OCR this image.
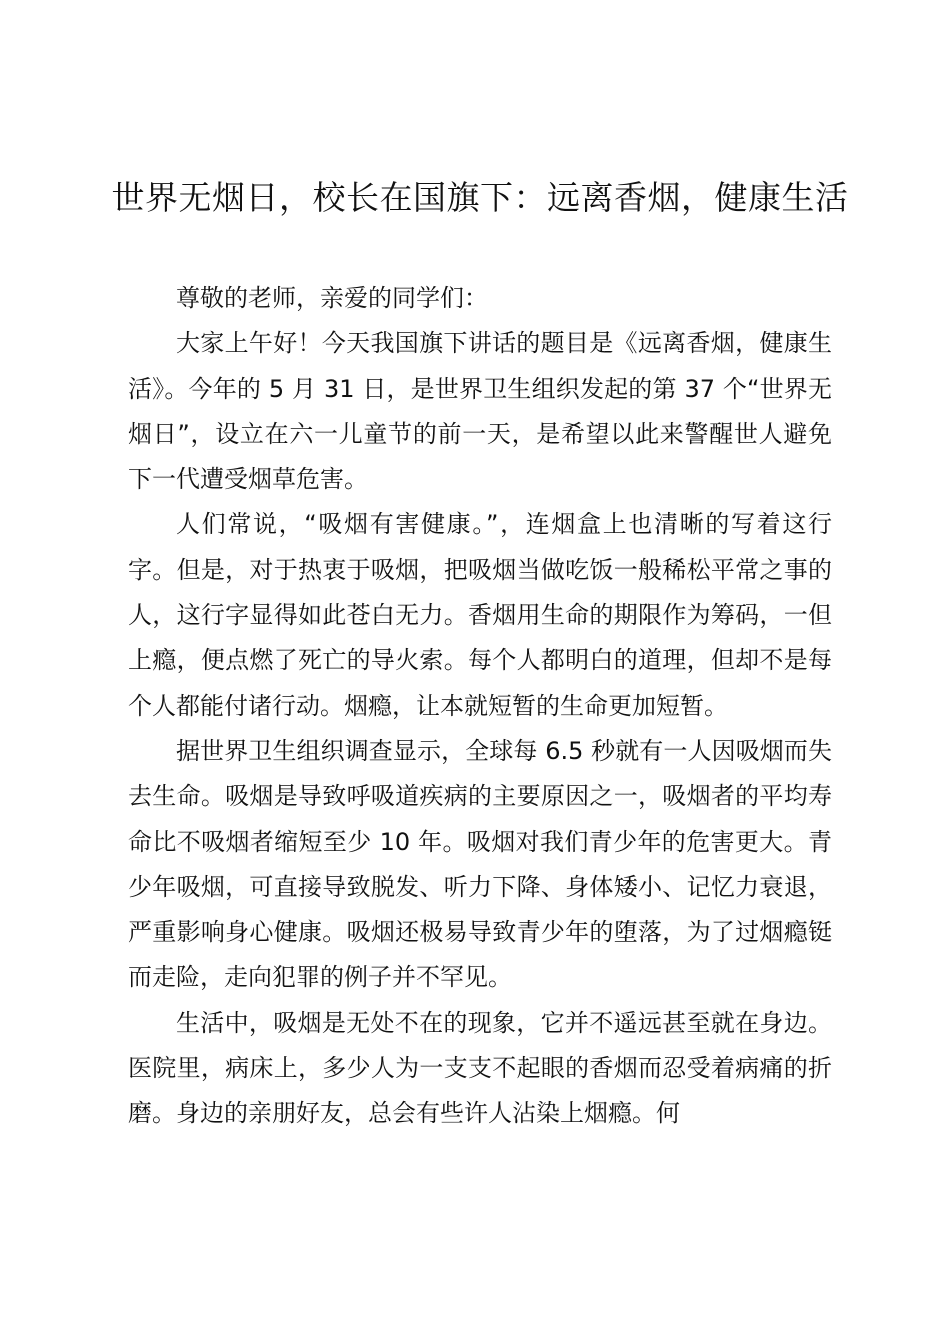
世界无烟日，校长在国旗下：远离香烟，健康生活

尊敬的老师，亲爱的同学们：

大家上午好！今天我国旗下讲话的题目是《远离香烟，健康生活》。今年的 5 月 31 日，是世界卫生组织发起的第 37 个“世界无烟日”，设立在六一儿童节的前一天，是希望以此来警醒世人避免下一代遭受烟草危害。

人们常说，“吸烟有害健康。”，连烟盒上也清晰的写着这行字。但是，对于热衷于吸烟，把吸烟当做吃饭一般稀松平常之事的人，这行字显得如此苍白无力。香烟用生命的期限作为筹码，一但上瘾，便点燃了死亡的导火索。每个人都明白的道理，但却不是每个人都能付诸行动。烟瘾，让本就短暂的生命更加短暂。

据世界卫生组织调查显示，全球每 6.5 秒就有一人因吸烟而失去生命。吸烟是导致呼吸道疾病的主要原因之一，吸烟者的平均寿命比不吸烟者缩短至少 10 年。吸烟对我们青少年的危害更大。青少年吸烟，可直接导致脱发、听力下降、身体矮小、记忆力衰退，严重影响身心健康。吸烟还极易导致青少年的堕落，为了过烟瘾铤而走险，走向犯罪的例子并不罕见。

生活中，吸烟是无处不在的现象，它并不遥远甚至就在身边。医院里，病床上，多少人为一支支不起眼的香烟而忍受着病痛的折磨。身边的亲朋好友，总会有些许人沾染上烟瘾。何
